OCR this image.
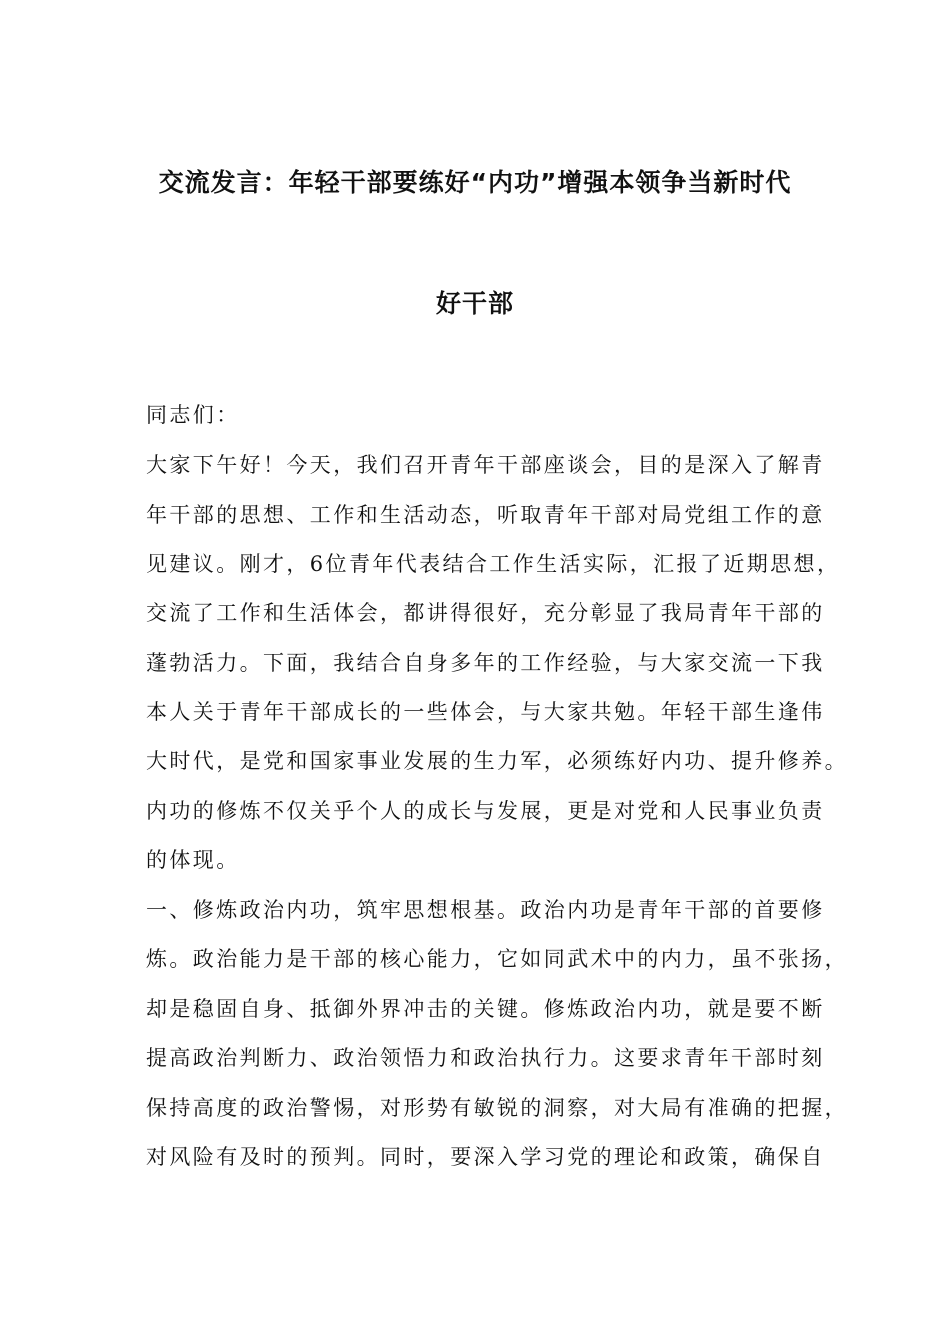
交流发言：年轻干部要练好“内功”增强本领争当新时代
好干部
同志们：
大家下午好！今天，我们召开青年干部座谈会，目的是深入了解青
年干部的思想、工作和生活动态，听取青年干部对局党组工作的意
见建议。刚才，6位青年代表结合工作生活实际，汇报了近期思想，
交流了工作和生活体会，都讲得很好，充分彰显了我局青年干部的
蓬勃活力。下面，我结合自身多年的工作经验，与大家交流一下我
本人关于青年干部成长的一些体会，与大家共勉。年轻干部生逢伟
大时代，是党和国家事业发展的生力军，必须练好内功、提升修养。
内功的修炼不仅关乎个人的成长与发展，更是对党和人民事业负责
的体现。
一、修炼政治内功，筑牢思想根基。政治内功是青年干部的首要修
炼。政治能力是干部的核心能力，它如同武术中的内力，虽不张扬，
却是稳固自身、抵御外界冲击的关键。修炼政治内功，就是要不断
提高政治判断力、政治领悟力和政治执行力。这要求青年干部时刻
保持高度的政治警惕，对形势有敏锐的洞察，对大局有准确的把握，
对风险有及时的预判。同时，要深入学习党的理论和政策，确保自
